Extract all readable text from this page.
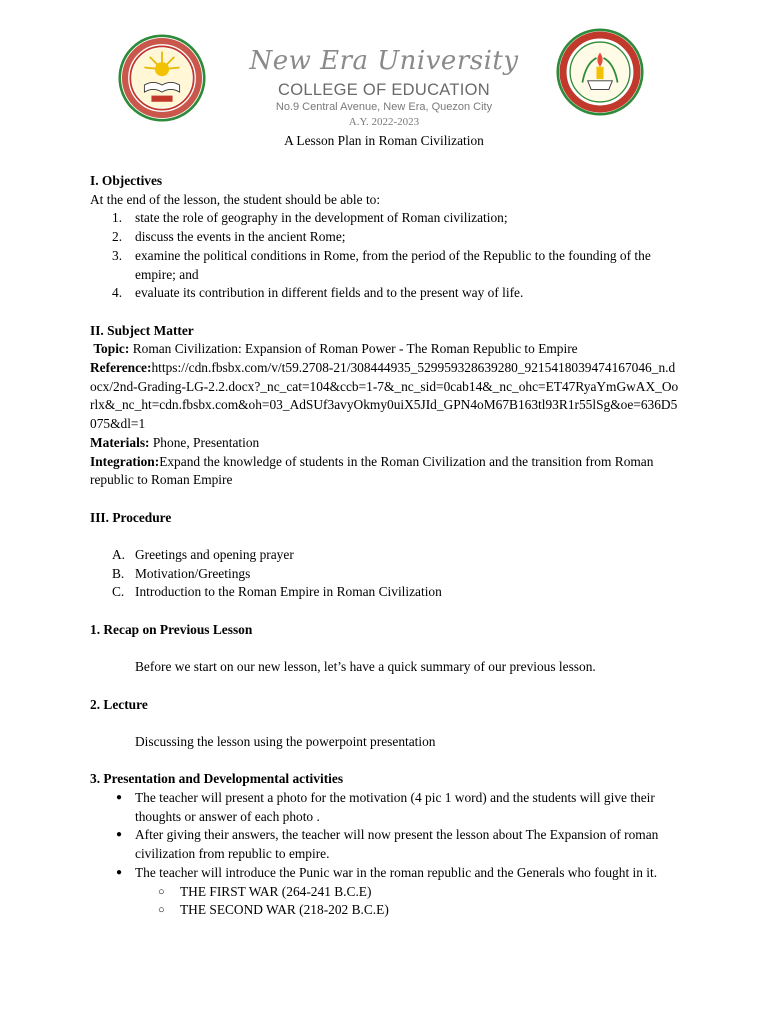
New Era University
COLLEGE OF EDUCATION
No.9 Central Avenue, New Era, Quezon City
A.Y. 2022-2023
A Lesson Plan in Roman Civilization
I. Objectives
At the end of the lesson, the student should be able to:
1. state the role of geography in the development of Roman civilization;
2. discuss the events in the ancient Rome;
3. examine the political conditions in Rome, from the period of the Republic to the founding of the empire; and
4. evaluate its contribution in different fields and to the present way of life.
II. Subject Matter
Topic: Roman Civilization: Expansion of Roman Power - The Roman Republic to Empire
Reference:https://cdn.fbsbx.com/v/t59.2708-21/308444935_529959328639280_9215418039474167046_n.docx/2nd-Grading-LG-2.2.docx?_nc_cat=104&ccb=1-7&_nc_sid=0cab14&_nc_ohc=ET47RyaYmGwAX_Oorlx&_nc_ht=cdn.fbsbx.com&oh=03_AdSUf3avyOkmy0uiX5JId_GPN4oM67B163tl93R1r55lSg&oe=636D5075&dl=1
Materials: Phone, Presentation
Integration:Expand the knowledge of students in the Roman Civilization and the transition from Roman republic to Roman Empire
III. Procedure
A. Greetings and opening prayer
B. Motivation/Greetings
C. Introduction to the Roman Empire in Roman Civilization
1. Recap on Previous Lesson
Before we start on our new lesson, let’s have a quick summary of our previous lesson.
2. Lecture
Discussing the lesson using the powerpoint presentation
3. Presentation and Developmental activities
● The teacher will present a photo for the motivation (4 pic 1 word) and the students will give their thoughts or answer of each photo .
● After giving their answers, the teacher will now present the lesson about The Expansion of roman civilization from republic to empire.
● The teacher will introduce the Punic war in the roman republic and the Generals who fought in it.
○ THE FIRST WAR (264-241 B.C.E)
○ THE SECOND WAR (218-202 B.C.E)
